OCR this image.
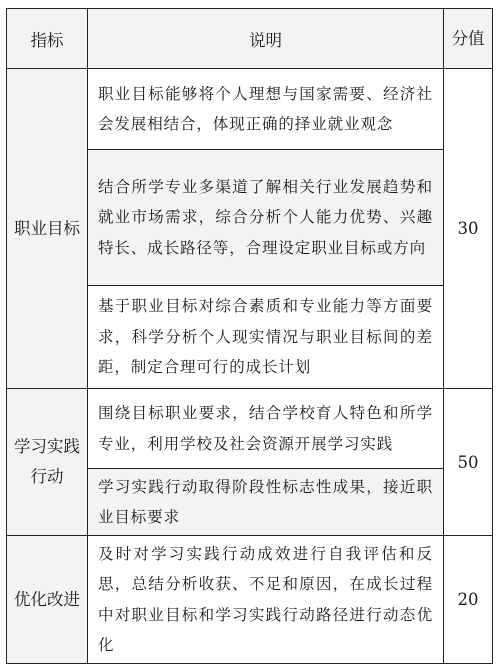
指标	说明	分值
职业目标	职业目标能够将个人理想与国家需要、经济社会发展相结合，体现正确的择业就业观念	30
	结合所学专业多渠道了解相关行业发展趋势和就业市场需求，综合分析个人能力优势、兴趣特长、成长路径等，合理设定职业目标或方向	
	基于职业目标对综合素质和专业能力等方面要求，科学分析个人现实情况与职业目标间的差距，制定合理可行的成长计划	
学习实践行动	围绕目标职业要求，结合学校育人特色和所学专业，利用学校及社会资源开展学习实践	50
	学习实践行动取得阶段性标志性成果，接近职业目标要求	
优化改进	及时对学习实践行动成效进行自我评估和反思，总结分析收获、不足和原因，在成长过程中对职业目标和学习实践行动路径进行动态优化	20
